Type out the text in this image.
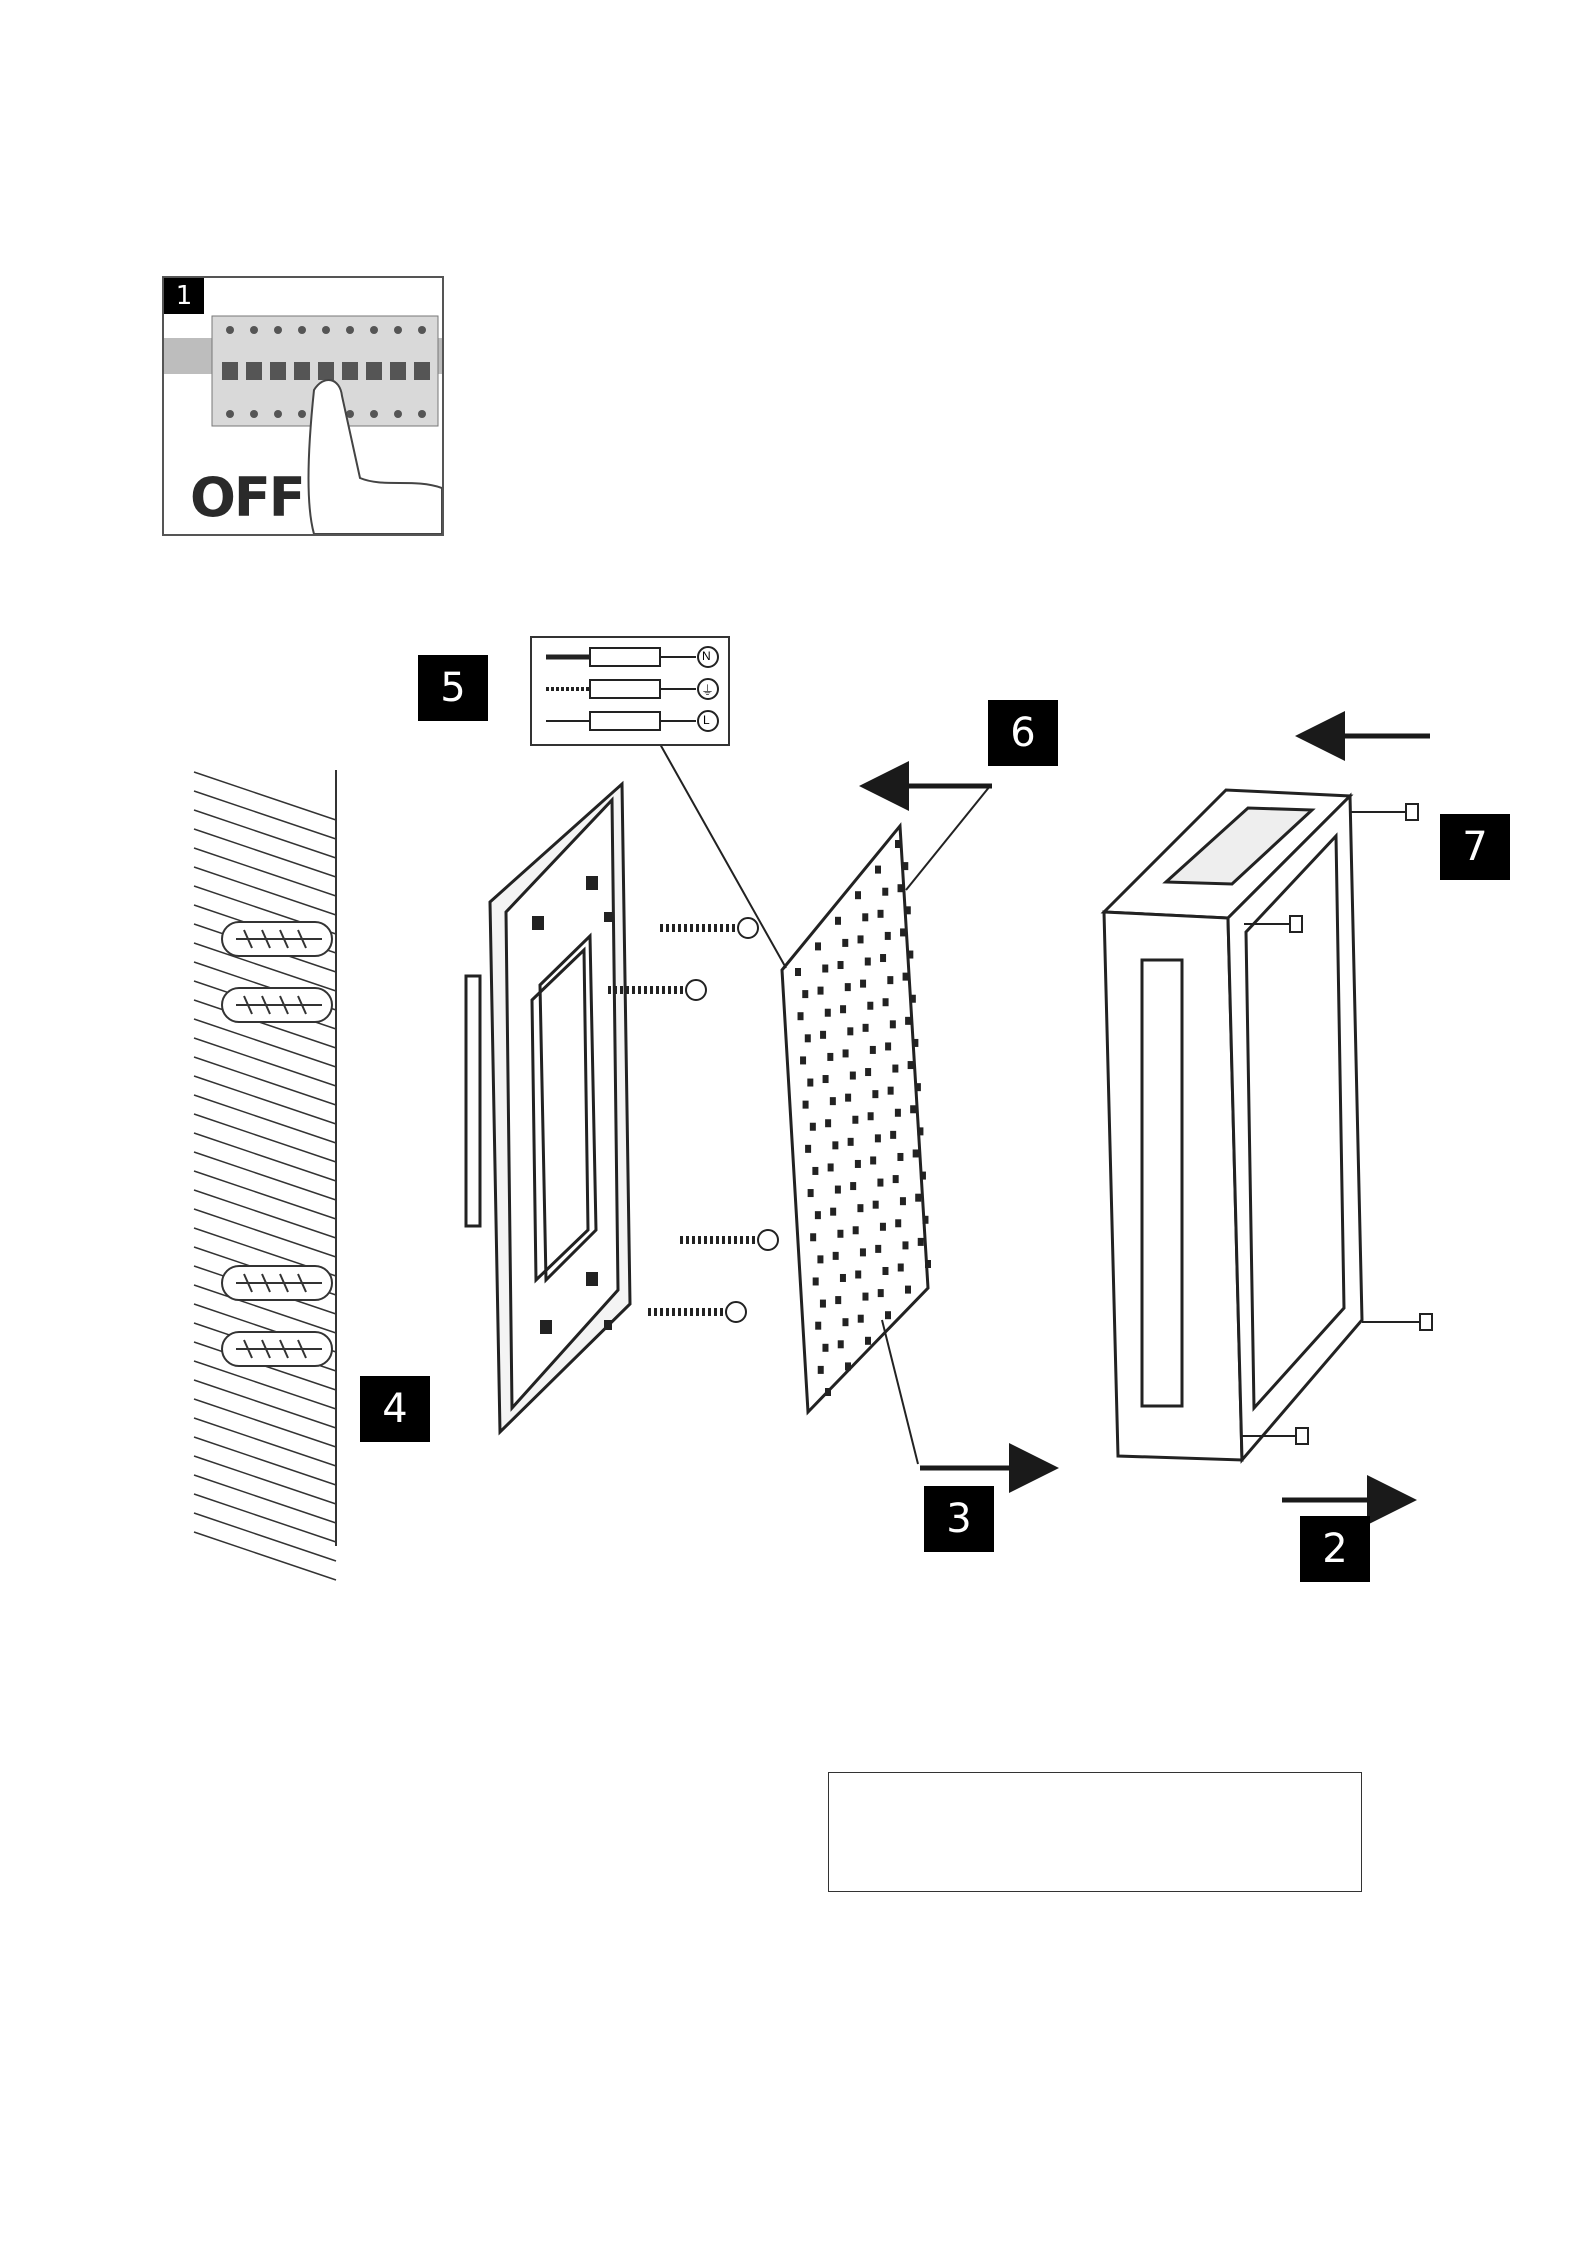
1
OFF
N
⏚
L
5
6
7
4
3
2
